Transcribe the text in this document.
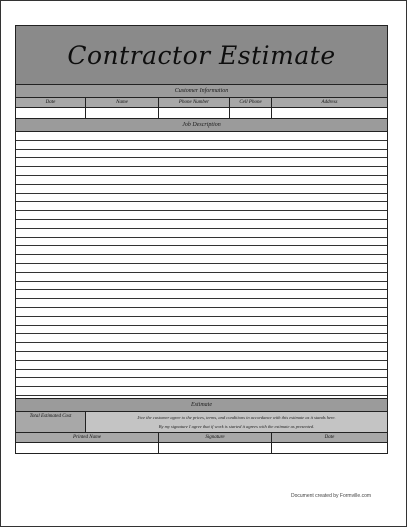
Contractor Estimate
Customer Information
Date	Name	Phone Number	Cell Phone	Address
Job Description
Estimate
Total Estimated Cost	I/we the customer agree to the prices, terms, and conditions in accordance with this estimate as it stands here.
By my signature I agree that if work is started it agrees with the estimate as presented.
Printed Name	Signature	Date
Document created by Formville.com
